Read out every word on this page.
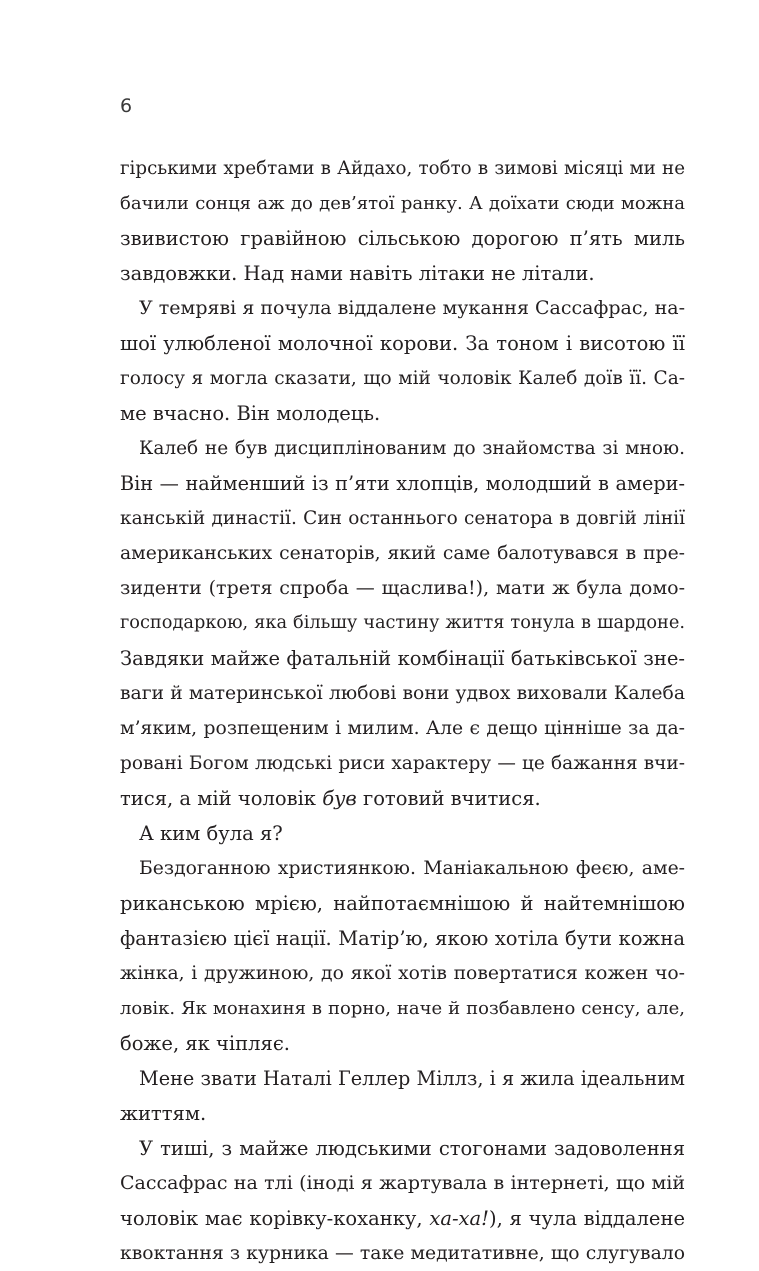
6
гірськими хребтами в Айдахо, тобто в зимові місяці ми не
бачили сонця аж до дев’ятої ранку. А доїхати сюди можна
звивистою гравійною сільською дорогою п’ять миль
завдовжки. Над нами навіть літаки не літали.
У темряві я почула віддалене мукання Сассафрас, на-
шої улюбленої молочної корови. За тоном і висотою її
голосу я могла сказати, що мій чоловік Калеб доїв її. Са-
ме вчасно. Він молодець.
Калеб не був дисциплінованим до знайомства зі мною.
Він — найменший із п’яти хлопців, молодший в амери-
канській династії. Син останнього сенатора в довгій лінії
американських сенаторів, який саме балотувався в пре-
зиденти (третя спроба — щаслива!), мати ж була домо-
господаркою, яка більшу частину життя тонула в шардоне.
Завдяки майже фатальній комбінації батьківської зне-
ваги й материнської любові вони удвох виховали Калеба
м’яким, розпещеним і милим. Але є дещо цінніше за да-
ровані Богом людські риси характеру — це бажання вчи-
тися, а мій чоловік був готовий вчитися.
А ким була я?
Бездоганною християнкою. Маніакальною феєю, аме-
риканською мрією, найпотаємнішою й найтемнішою
фантазією цієї нації. Матір’ю, якою хотіла бути кожна
жінка, і дружиною, до якої хотів повертатися кожен чо-
ловік. Як монахиня в порно, наче й позбавлено сенсу, але,
боже, як чіпляє.
Мене звати Наталі Геллер Міллз, і я жила ідеальним
життям.
У тиші, з майже людськими стогонами задоволення
Сассафрас на тлі (іноді я жартувала в інтернеті, що мій
чоловік має корівку-коханку, ха-ха!), я чула віддалене
квоктання з курника — таке медитативне, що слугувало
